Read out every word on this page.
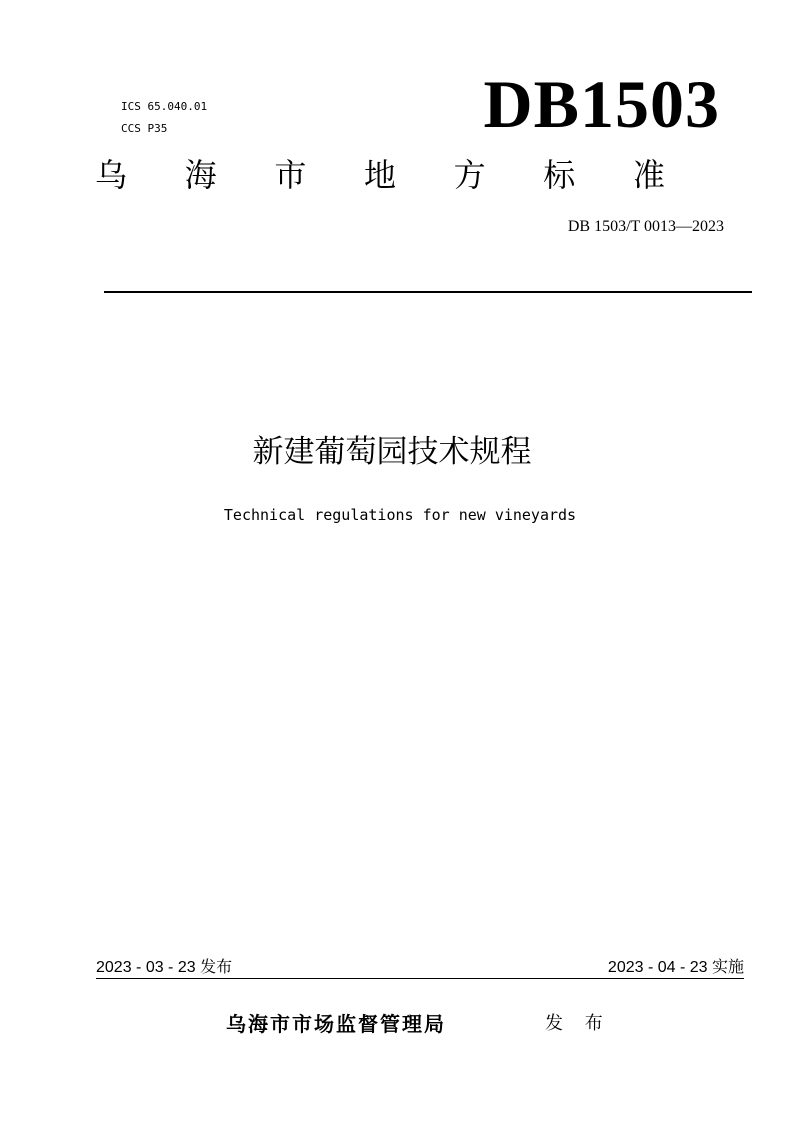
ICS 65.040.01
CCS P35	DB1503
乌 海 市 地 方 标 准
DB 1503/T 0013—2023
新建葡萄园技术规程
Technical regulations for new vineyards
2023 - 03 - 23 发布	2023 - 04 - 23 实施
乌海市市场监督管理局	发 布
